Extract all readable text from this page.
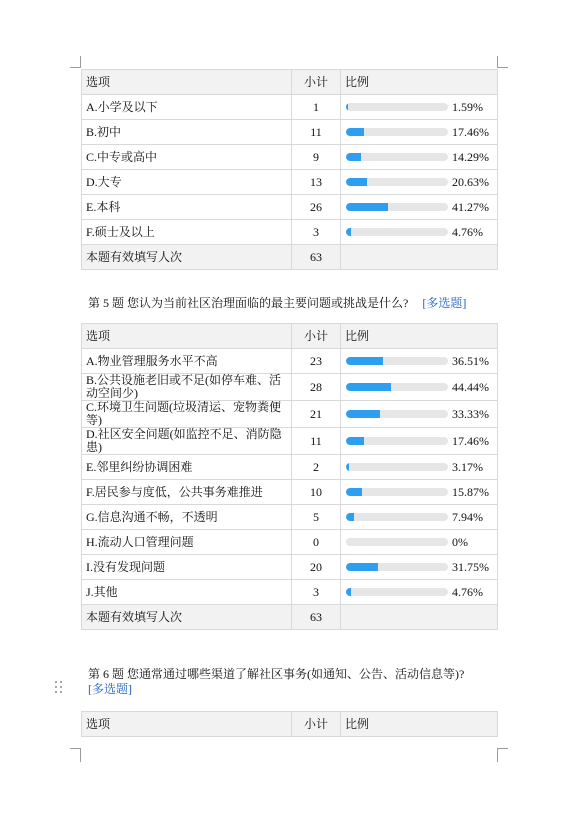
选项	小计	比例
A.小学及以下	1	1.59%

B.初中	11	17.46%

C.中专或高中	9	14.29%

D.大专	13	20.63%

E.本科	26	41.27%

F.硕士及以上	3	4.76%

本题有效填写人次	63	
第 5 题 您认为当前社区治理面临的最主要问题或挑战是什么? [多选题]
选项	小计	比例
A.物业管理服务水平不高	23	36.51%

B.公共设施老旧或不足(如停车难、活动空间少)	28	44.44%

C.环境卫生问题(垃圾清运、宠物粪便等)	21	33.33%

D.社区安全问题(如监控不足、消防隐患)	11	17.46%

E.邻里纠纷协调困难	2	3.17%

F.居民参与度低，公共事务难推进	10	15.87%

G.信息沟通不畅，不透明	5	7.94%

H.流动人口管理问题	0	0%

I.没有发现问题	20	31.75%

J.其他	3	4.76%

本题有效填写人次	63	
第 6 题 您通常通过哪些渠道了解社区事务(如通知、公告、活动信息等)?
[多选题]
选项	小计	比例
